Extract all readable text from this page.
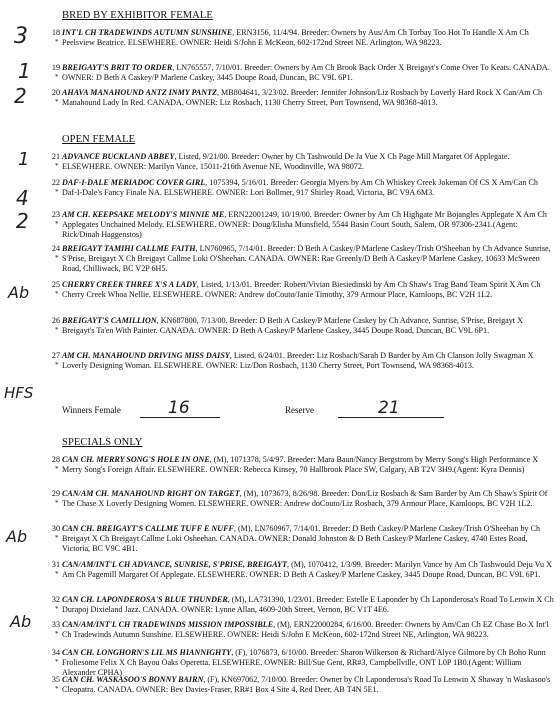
BRED BY EXHIBITOR FEMALE
18
*
INT'L CH TRADEWINDS AUTUMN SUNSHINE, ERN3156, 11/4/94. Breeder: Owners by Aus/Am Ch Torbay Too Hot To Handle X Am Ch Peelsview Beatrice. ELSEWHERE. OWNER: Heidi S/John E McKeon, 602-172nd Street NE. Arlington, WA 98223.
19
*
BREIGAYT'S BRIT TO ORDER, LN765557, 7/10/01. Breeder: Owners by Am Ch Brook Back Order X Breigayt's Come Over To Keats. CANADA. OWNER: D Beth A Caskey/P Marlene Caskey, 3445 Doupe Road, Duncan, BC V9L 6P1.
20
*
AHAVA MANAHOUND ANTZ INMY PANTZ, MB804641, 3/23/02. Breeder: Jennifer Johnson/Liz Rosbach by Loverly Hard Rock X Can/Am Ch Manahound Lady In Red. CANADA. OWNER: Liz Rosbach, 1130 Cherry Street, Port Townsend, WA 98368-4013.
OPEN FEMALE
21
*
ADVANCE BUCKLAND ABBEY, Listed, 9/21/00. Breeder: Owner by Ch Tashwould De Ja Vue X Ch Page Mill Margaret Of Applegate. ELSEWHERE. OWNER: Marilyn Vance, 15011-216th Avenue NE, Woodinville, WA 98072.
22
*
DAF-I-DALE MERIADOC COVER GIRL, 1075394, 5/16/01. Breeder: Georgia Myers by Am Ch Whiskey Creek Jokeman Of CS X Am/Can Ch Daf-I-Dale's Fancy Finale NA. ELSEWHERE. OWNER: Lori Bollmer, 917 Shirley Road, Victoria, BC V9A 6M3.
23
*
AM CH. KEEPSAKE MELODY'S MINNIE ME, ERN22001249, 10/19/00. Breeder: Owner by Am Ch Highgate Mr Bojangles Applegate X Am Ch Applegates Unchained Melody. ELSEWHERE. OWNER: Doug/Elisha Munsfield, 5544 Basin Court South, Salem, OR 97306-2341.(Agent: Rick/Dinah Haggenstos)
24
*
BREIGAYT TAMIHI CALLME FAITH, LN760965, 7/14/01. Breeder: D Beth A Caskey/P Marlene Caskey/Trish O'Sheehan by Ch Advance Sunrise, S'Prise, Breigayt X Ch Breigayt Callme Loki O'Sheehan. CANADA. OWNER: Rae Greenly/D Beth A Caskey/P Marlene Caskey, 10633 McSween Road, Chilliwack, BC V2P 6H5.
25
*
CHERRY CREEK THREE X'S A LADY, Listed, 1/13/01. Breeder: Robert/Vivian Biesiedinski by Am Ch Shaw's Trag Band Team Spirit X Am Ch Cherry Creek Whoa Nellie. ELSEWHERE. OWNER: Andrew doCouto/Janie Timothy, 379 Armour Place, Kamloops, BC V2H 1L2.
26
*
BREIGAYT'S CAMILLION, KN687800, 7/13/00. Breeder: D Beth A Caskey/P Marlene Caskey by Ch Advance, Sunrise, S'Prise, Breigayt X Breigayt's Ta'en With Painter. CANADA. OWNER: D Beth A Caskey/P Marlene Caskey, 3445 Doupe Road, Duncan, BC V9L 6P1.
27
*
AM CH. MANAHOUND DRIVING MISS DAISY, Listed, 6/24/01. Breeder: Liz Rosbach/Sarah D Barder by Am Ch Clanson Jolly Swagman X Loverly Designing Woman. ELSEWHERE. OWNER: Liz/Don Rosbach, 1130 Cherry Street, Port Townsend, WA 98368-4013.
Winners Female	16	Reserve	21
SPECIALS ONLY
28
*
CAN CH. MERRY SONG'S HOLE IN ONE, (M), 1071378, 5/4/97. Breeder: Mara Baun/Nancy Bergstrom by Merry Song's High Performance X Merry Song's Foreign Affair. ELSEWHERE. OWNER: Rebecca Kinsey, 70 Hallbrook Place SW, Calgary, AB T2V 3H9.(Agent: Kyra Dennis)
29
*
CAN/AM CH. MANAHOUND RIGHT ON TARGET, (M), 1073673, 8/26/98. Breeder: Don/Liz Rosbach & Sam Barder by Am Ch Shaw's Spirit Of The Chase X Loverly Designing Women. ELSEWHERE. OWNER: Andrew doCouto/Liz Rosbach, 379 Armour Place, Kamloops, BC V2H 1L2.
30
*
CAN CH. BREIGAYT'S CALLME TUFF E NUFF, (M), LN760967, 7/14/01. Breeder: D Beth Caskey/P Marlene Caskey/Trish O'Sheehan by Ch Breigayt X Ch Breigayt Callme Loki Osheehan. CANADA. OWNER: Donald Johnston & D Beth Caskey/P Marlene Caskey, 4740 Estes Road, Victoria, BC V9C 4B1.
31
*
CAN/AM/INT'L CH ADVANCE, SUNRISE, S'PRISE, BREIGAYT, (M), 1070412, 1/3/99. Breeder: Marilyn Vance by Am Ch Tashwould Deju Vu X Am Ch Pagemill Margaret Of Applegate. ELSEWHERE. OWNER: D Beth A Caskey/P Marlene Caskey, 3445 Doupe Road, Duncan, BC V9L 6P1.
32
*
CAN CH. LAPONDEROSA'S BLUE THUNDER, (M), LA731390, 1/23/01. Breeder: Estelle E Laponder by Ch Laponderosa's Road To Lenwin X Ch Durapoj Dixieland Jazz. CANADA. OWNER: Lynne Allan, 4609-20th Street, Vernon, BC V1T 4E6.
33
*
CAN/AM/INT'L CH TRADEWINDS MISSION IMPOSSIBLE, (M), ERN22000284, 6/16/00. Breeder: Owners by Am/Can Ch EZ Chase Bo X Int'l Ch Tradewinds Autumn Sunshine. ELSEWHERE. OWNER: Heidi S/John E McKeon, 602-172nd Street NE, Arlington, WA 98223.
34
*
CAN CH. LONGHORN'S LIL MS HIANNIGHTY, (F), 1076873, 6/10/00. Breeder: Sharon Wilkerson & Richard/Alyce Gilmore by Ch Boho Runn Froliesome Felix X Ch Bayou Oaks Operetta. ELSEWHERE. OWNER: Bill/Sue Gent, RR#3, Campbellville, ONT L0P 1B0.(Agent: William Alexander CPHA)
35
*
CAN CH. WASKASOO'S BONNY BAIRN, (F), KN697062, 7/10/00. Breeder: Owner by Ch Laponderosa's Road To Lenwin X Shaway 'n Waskasoo's Cleopatra. CANADA. OWNER: Bev Davies-Fraser, RR#1 Box 4 Site 4, Red Deer, AB T4N 5E1.
3
1
2
1
4
2
Ab
HFS
Ab
Ab
